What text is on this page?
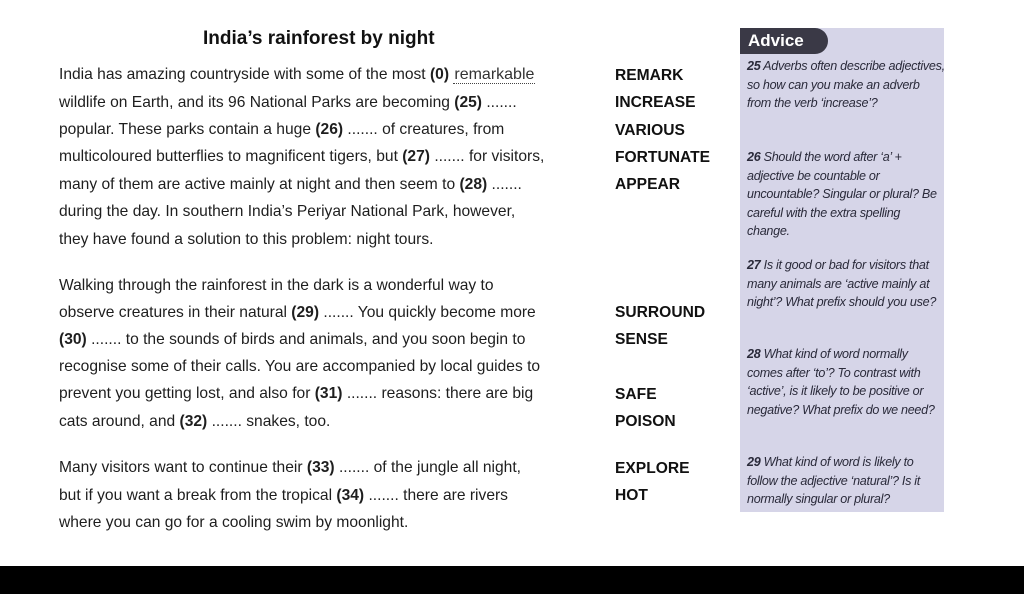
India’s rainforest by night
India has amazing countryside with some of the most (0) remarkable
wildlife on Earth, and its 96 National Parks are becoming (25) .......
popular. These parks contain a huge (26) ....... of creatures, from
multicoloured butterflies to magnificent tigers, but (27) ....... for visitors,
many of them are active mainly at night and then seem to (28) .......
during the day. In southern India’s Periyar National Park, however,
they have found a solution to this problem: night tours.
Walking through the rainforest in the dark is a wonderful way to
observe creatures in their natural (29) ....... You quickly become more
(30) ....... to the sounds of birds and animals, and you soon begin to
recognise some of their calls. You are accompanied by local guides to
prevent you getting lost, and also for (31) ....... reasons: there are big
cats around, and (32) ....... snakes, too.
Many visitors want to continue their (33) ....... of the jungle all night,
but if you want a break from the tropical (34) ....... there are rivers
where you can go for a cooling swim by moonlight.
REMARK
INCREASE
VARIOUS
FORTUNATE
APPEAR
SURROUND
SENSE
SAFE
POISON
EXPLORE
HOT
Advice
25 Adverbs often describe adjectives, so how can you make an adverb from the verb ‘increase’?
26 Should the word after ‘a’ + adjective be countable or uncountable? Singular or plural? Be careful with the extra spelling change.
27 Is it good or bad for visitors that many animals are ‘active mainly at night’? What prefix should you use?
28 What kind of word normally comes after ‘to’? To contrast with ‘active’, is it likely to be positive or negative? What prefix do we need?
29 What kind of word is likely to follow the adjective ‘natural’? Is it normally singular or plural?
